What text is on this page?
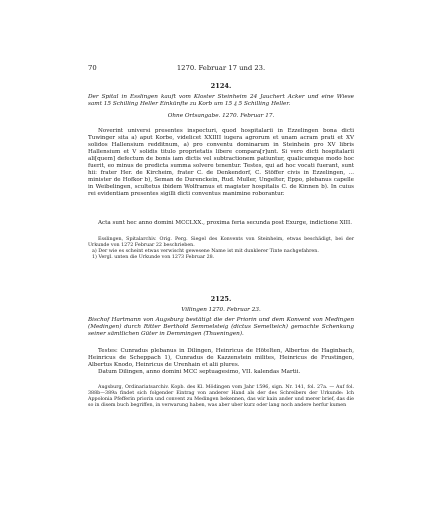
70	1270. Februar 17 und 23.

2124.

Der Spital in Esslingen kauft vom Kloster Steinheim 24 Jauchert Acker und eine Wiese samt 15 Schilling Heller Einkünfte zu Korb um 15 ₰ 5 Schilling Heller.

Ohne Ortsangabe. 1270. Februar 17.

Noverint universi presentes inspecturi, quod hospitalarii in Ezzelingen bona dicti Tuwinger sita a) aput Korbe, videlicet XXIIII iugera agrorum et unam acram prati et XV solidos Hallensium redditnum, a) pro conventu dominarum in Steinhein pro XV libris Hallensium et V solidis titulo proprietatis libere compara[r]unt. Si vero dicti hospitalarii ali[quem] defectum de bonis iam dictis vel subtractionem patiuntur, qualicumque modo hoc fuerit, eo minus de predicta summa solvere tenentur. Testes, qui ad hoc vocati fuerant, sunt hii: frater Her. de Kircheim, frater C. de Denkendorf, C. Stöffer civis in Ezzelingen, ... minister de Hofkor b), Seman de Durenckein, Rud. Muller, Ungelter, Eppo, plebanus capelle in Weibelingen, scultetus ibidem Wolframus et magister hospitalis C. de Kinnen b). In cuius rei evidentiam presentes sigilli dicti conventus manimine roborantur.

Acta sunt hec anno domini MCCLXX., proxima feria secunda post Exurge, indictione XIII.

Esslingen, Spitalarchiv. Orig. Perg. Siegel des Konvents von Steinheim, etwas beschädigt, bei der Urkunde von 1272 Februar 22 beschrieben.

a) Der wie es scheint etwas verwischt gewesene Name ist mit dunklerer Tinte nachgefahren.

1) Vergl. unten die Urkunde von 1273 Februar 28.

2125.

Villingen 1270. Februar 23.

Bischof Hartmann von Augsburg bestätigt die der Priorin und dem Konvent von Medingen (Medingen) durch Ritter Berthold Semmelsteig (dictus Semelteich) gemachte Schenkung seiner sämtlichen Güter in Demmingen (Thueningen).

Testes: Cunradus plebanus in Dilingen, Heinricus de Hötelten, Albertus de Haginbach, Heinricus de Scheppach 1), Cunradus de Kazzenstein milites, Heinricus de Frustingen, Albertus Knodo, Heinricus de Urenhain et alii plures.

Datum Dilingen, anno domini MCC septuagesimo, VII. kalendas Martii.

Augsburg, Ordinariatsarchiv. Kopb. des Kl. Mödingen vom Jahr 1596, sign. Nr. 141, fol. 27a. — Auf fol. 388b—389a findet sich folgender Eintrag von anderer Hand als der des Schreibers der Urkunde: Ich Appolonia Pfefferin priorin und convent zu Medingen bekennen, das wir kain ander und merer brief, das die so in disem buch begriffen, in verwarung haben, was aber uber kurz oder lang noch andere herfur kumen
